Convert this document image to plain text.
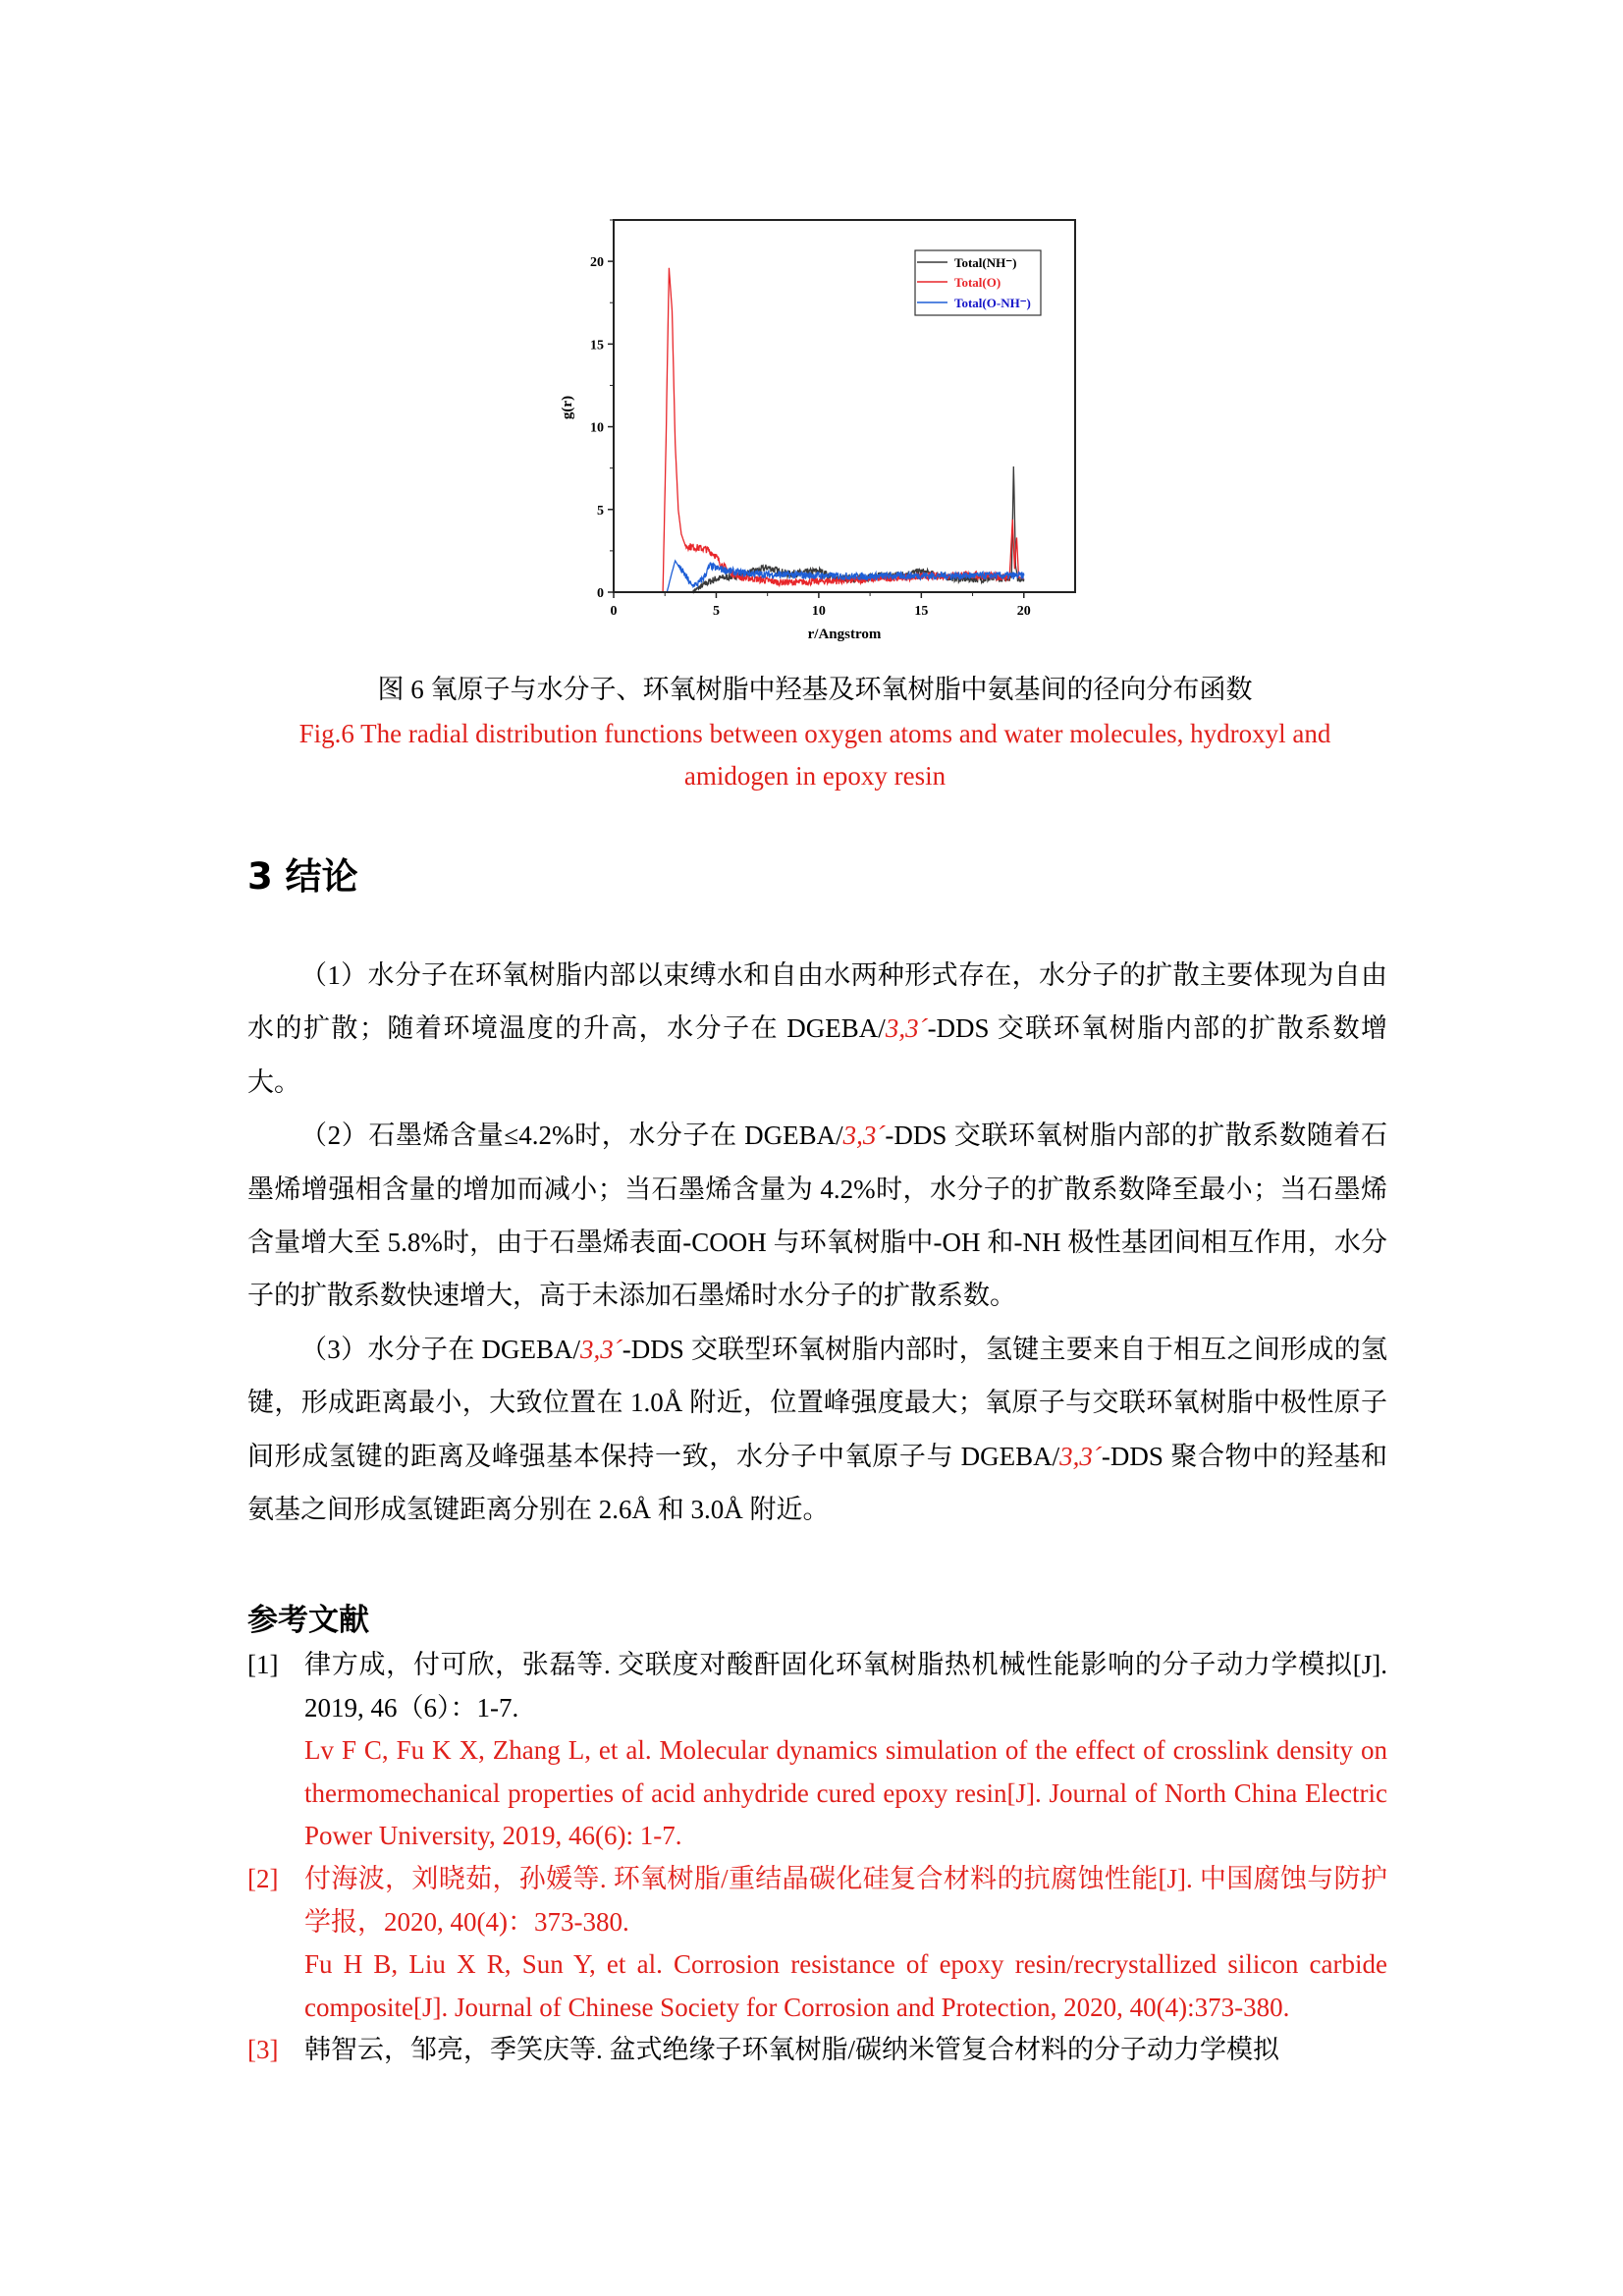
0	5	10	15	20
0
5
10
15
20
g(r)
r/Angstrom
Total(NH⁻)
Total(O)
Total(O-NH⁻)
图 6 氧原子与水分子、环氧树脂中羟基及环氧树脂中氨基间的径向分布函数
Fig.6 The radial distribution functions between oxygen atoms and water molecules, hydroxyl and
amidogen in epoxy resin
3 结论

（1）水分子在环氧树脂内部以束缚水和自由水两种形式存在，水分子的扩散主要体现为自由水的扩散；随着环境温度的升高，水分子在 DGEBA/3,3´-DDS 交联环氧树脂内部的扩散系数增大。

（2）石墨烯含量≤4.2%时，水分子在 DGEBA/3,3´-DDS 交联环氧树脂内部的扩散系数随着石墨烯增强相含量的增加而减小；当石墨烯含量为 4.2%时，水分子的扩散系数降至最小；当石墨烯含量增大至 5.8%时，由于石墨烯表面-COOH 与环氧树脂中-OH 和-NH 极性基团间相互作用，水分子的扩散系数快速增大，高于未添加石墨烯时水分子的扩散系数。

（3）水分子在 DGEBA/3,3´-DDS 交联型环氧树脂内部时，氢键主要来自于相互之间形成的氢键，形成距离最小，大致位置在 1.0Å 附近，位置峰强度最大；氧原子与交联环氧树脂中极性原子间形成氢键的距离及峰强基本保持一致，水分子中氧原子与 DGEBA/3,3´-DDS 聚合物中的羟基和氨基之间形成氢键距离分别在 2.6Å 和 3.0Å 附近。

参考文献
[1] 律方成，付可欣，张磊等. 交联度对酸酐固化环氧树脂热机械性能影响的分子动力学模拟[J]. 2019, 46（6）：1-7.
Lv F C, Fu K X, Zhang L, et al. Molecular dynamics simulation of the effect of crosslink density on thermomechanical properties of acid anhydride cured epoxy resin[J]. Journal of North China Electric Power University, 2019, 46(6): 1-7.
[2] 付海波，刘晓茹，孙媛等. 环氧树脂/重结晶碳化硅复合材料的抗腐蚀性能[J]. 中国腐蚀与防护学报，2020, 40(4)：373-380.
Fu H B, Liu X R, Sun Y, et al. Corrosion resistance of epoxy resin/recrystallized silicon carbide composite[J]. Journal of Chinese Society for Corrosion and Protection, 2020, 40(4):373-380.
[3] 韩智云，邹亮，季笑庆等. 盆式绝缘子环氧树脂/碳纳米管复合材料的分子动力学模拟
